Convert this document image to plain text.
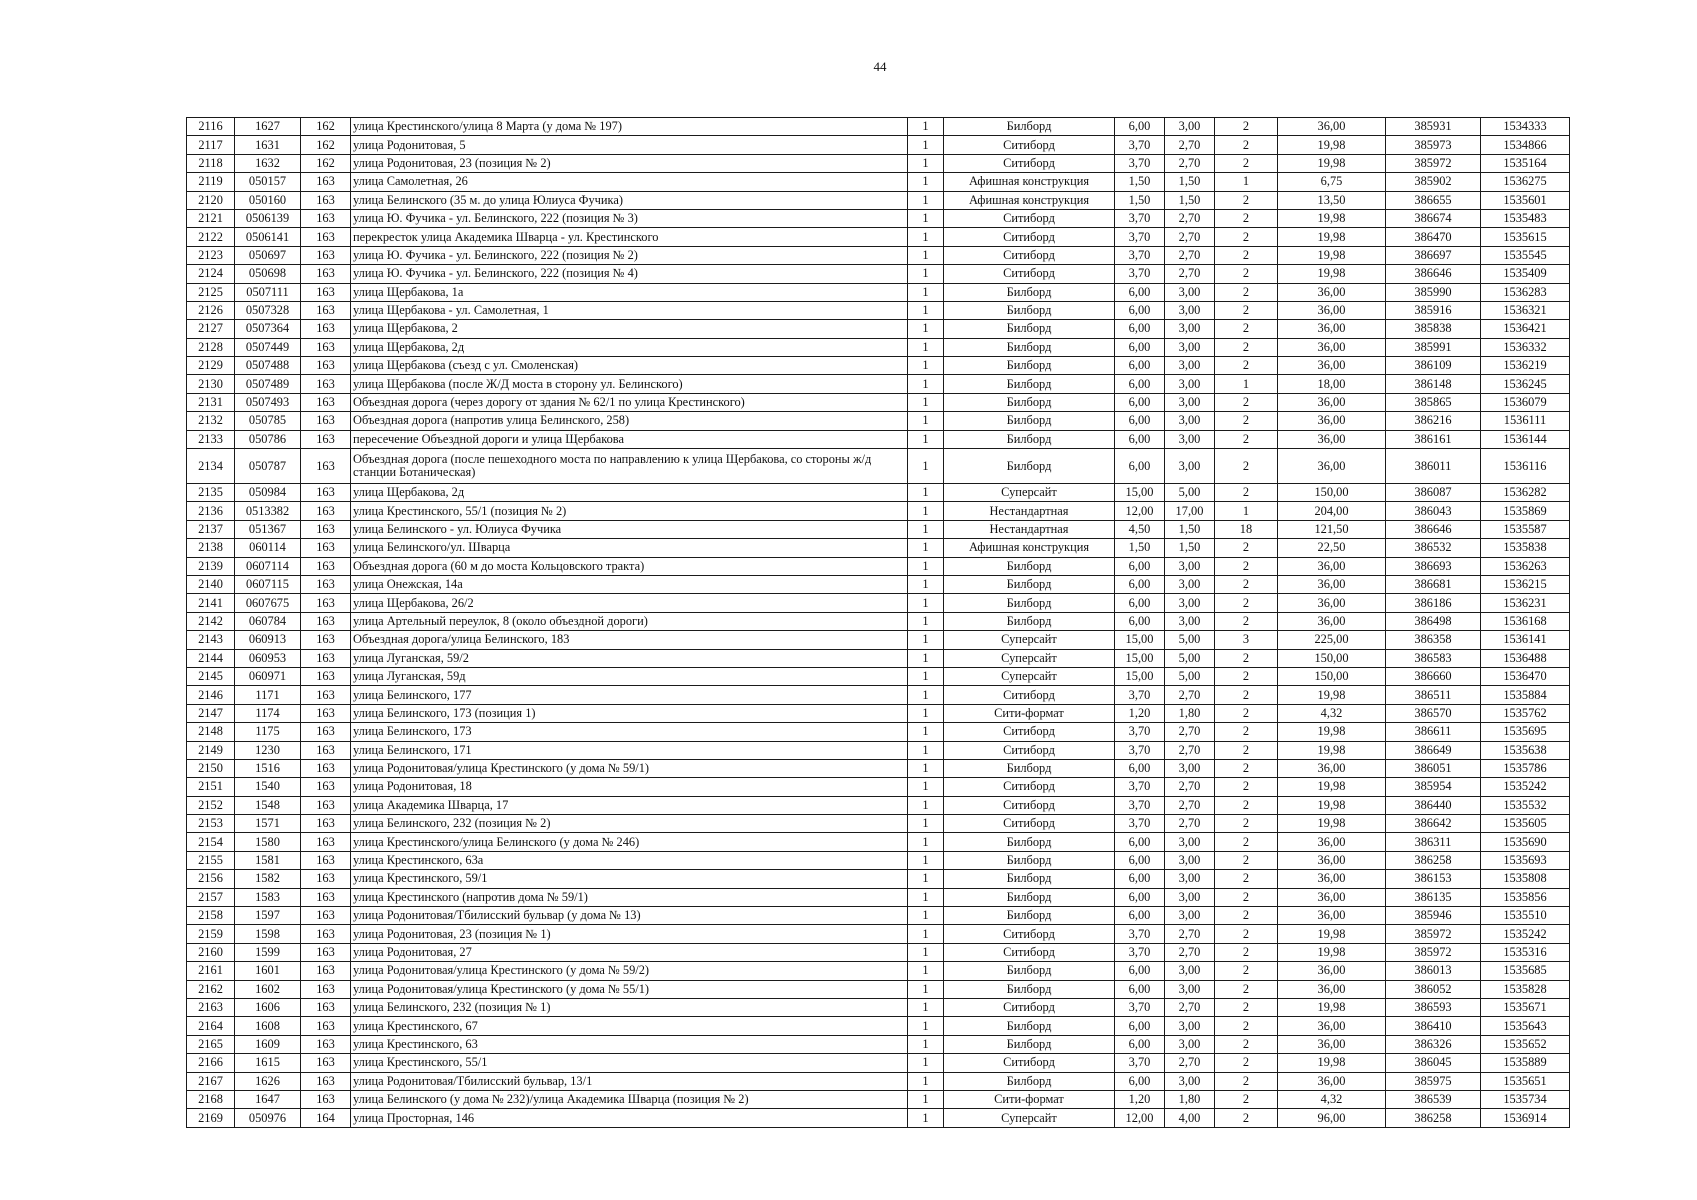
44
2116	1627	162	улица Крестинского/улица 8 Марта (у дома № 197)	1	Билборд	6,00	3,00	2	36,00	385931	1534333
2117	1631	162	улица Родонитовая, 5	1	Ситиборд	3,70	2,70	2	19,98	385973	1534866
2118	1632	162	улица Родонитовая, 23 (позиция № 2)	1	Ситиборд	3,70	2,70	2	19,98	385972	1535164
2119	050157	163	улица Самолетная, 26	1	Афишная конструкция	1,50	1,50	1	6,75	385902	1536275
2120	050160	163	улица Белинского (35 м. до улица Юлиуса Фучика)	1	Афишная конструкция	1,50	1,50	2	13,50	386655	1535601
2121	0506139	163	улица Ю. Фучика - ул. Белинского, 222 (позиция № 3)	1	Ситиборд	3,70	2,70	2	19,98	386674	1535483
2122	0506141	163	перекресток улица Академика Шварца - ул. Крестинского	1	Ситиборд	3,70	2,70	2	19,98	386470	1535615
2123	050697	163	улица Ю. Фучика - ул. Белинского, 222 (позиция № 2)	1	Ситиборд	3,70	2,70	2	19,98	386697	1535545
2124	050698	163	улица Ю. Фучика - ул. Белинского, 222 (позиция № 4)	1	Ситиборд	3,70	2,70	2	19,98	386646	1535409
2125	0507111	163	улица Щербакова, 1а	1	Билборд	6,00	3,00	2	36,00	385990	1536283
2126	0507328	163	улица Щербакова - ул. Самолетная, 1	1	Билборд	6,00	3,00	2	36,00	385916	1536321
2127	0507364	163	улица Щербакова, 2	1	Билборд	6,00	3,00	2	36,00	385838	1536421
2128	0507449	163	улица Щербакова, 2д	1	Билборд	6,00	3,00	2	36,00	385991	1536332
2129	0507488	163	улица Щербакова (съезд с ул. Смоленская)	1	Билборд	6,00	3,00	2	36,00	386109	1536219
2130	0507489	163	улица Щербакова (после Ж/Д моста в сторону ул. Белинского)	1	Билборд	6,00	3,00	1	18,00	386148	1536245
2131	0507493	163	Объездная дорога (через дорогу от здания № 62/1 по улица Крестинского)	1	Билборд	6,00	3,00	2	36,00	385865	1536079
2132	050785	163	Объездная дорога (напротив улица Белинского, 258)	1	Билборд	6,00	3,00	2	36,00	386216	1536111
2133	050786	163	пересечение Объездной дороги и улица Щербакова	1	Билборд	6,00	3,00	2	36,00	386161	1536144
2134	050787	163	Объездная дорога (после пешеходного моста по направлению к улица Щербакова, со стороны ж/д станции Ботаническая)	1	Билборд	6,00	3,00	2	36,00	386011	1536116
2135	050984	163	улица Щербакова, 2д	1	Суперсайт	15,00	5,00	2	150,00	386087	1536282
2136	0513382	163	улица Крестинского, 55/1 (позиция № 2)	1	Нестандартная	12,00	17,00	1	204,00	386043	1535869
2137	051367	163	улица Белинского - ул. Юлиуса Фучика	1	Нестандартная	4,50	1,50	18	121,50	386646	1535587
2138	060114	163	улица Белинского/ул. Шварца	1	Афишная конструкция	1,50	1,50	2	22,50	386532	1535838
2139	0607114	163	Объездная дорога (60 м до моста Кольцовского тракта)	1	Билборд	6,00	3,00	2	36,00	386693	1536263
2140	0607115	163	улица Онежская, 14а	1	Билборд	6,00	3,00	2	36,00	386681	1536215
2141	0607675	163	улица Щербакова, 26/2	1	Билборд	6,00	3,00	2	36,00	386186	1536231
2142	060784	163	улица Артельный переулок, 8 (около объездной дороги)	1	Билборд	6,00	3,00	2	36,00	386498	1536168
2143	060913	163	Объездная дорога/улица Белинского, 183	1	Суперсайт	15,00	5,00	3	225,00	386358	1536141
2144	060953	163	улица Луганская, 59/2	1	Суперсайт	15,00	5,00	2	150,00	386583	1536488
2145	060971	163	улица Луганская, 59д	1	Суперсайт	15,00	5,00	2	150,00	386660	1536470
2146	1171	163	улица Белинского, 177	1	Ситиборд	3,70	2,70	2	19,98	386511	1535884
2147	1174	163	улица Белинского, 173 (позиция 1)	1	Сити-формат	1,20	1,80	2	4,32	386570	1535762
2148	1175	163	улица Белинского, 173	1	Ситиборд	3,70	2,70	2	19,98	386611	1535695
2149	1230	163	улица Белинского, 171	1	Ситиборд	3,70	2,70	2	19,98	386649	1535638
2150	1516	163	улица Родонитовая/улица Крестинского (у дома № 59/1)	1	Билборд	6,00	3,00	2	36,00	386051	1535786
2151	1540	163	улица Родонитовая, 18	1	Ситиборд	3,70	2,70	2	19,98	385954	1535242
2152	1548	163	улица Академика Шварца, 17	1	Ситиборд	3,70	2,70	2	19,98	386440	1535532
2153	1571	163	улица Белинского, 232 (позиция № 2)	1	Ситиборд	3,70	2,70	2	19,98	386642	1535605
2154	1580	163	улица Крестинского/улица Белинского (у дома № 246)	1	Билборд	6,00	3,00	2	36,00	386311	1535690
2155	1581	163	улица Крестинского, 63а	1	Билборд	6,00	3,00	2	36,00	386258	1535693
2156	1582	163	улица Крестинского, 59/1	1	Билборд	6,00	3,00	2	36,00	386153	1535808
2157	1583	163	улица Крестинского (напротив дома № 59/1)	1	Билборд	6,00	3,00	2	36,00	386135	1535856
2158	1597	163	улица Родонитовая/Тбилисский бульвар (у дома № 13)	1	Билборд	6,00	3,00	2	36,00	385946	1535510
2159	1598	163	улица Родонитовая, 23 (позиция № 1)	1	Ситиборд	3,70	2,70	2	19,98	385972	1535242
2160	1599	163	улица Родонитовая, 27	1	Ситиборд	3,70	2,70	2	19,98	385972	1535316
2161	1601	163	улица Родонитовая/улица Крестинского (у дома № 59/2)	1	Билборд	6,00	3,00	2	36,00	386013	1535685
2162	1602	163	улица Родонитовая/улица Крестинского (у дома № 55/1)	1	Билборд	6,00	3,00	2	36,00	386052	1535828
2163	1606	163	улица Белинского, 232 (позиция № 1)	1	Ситиборд	3,70	2,70	2	19,98	386593	1535671
2164	1608	163	улица Крестинского, 67	1	Билборд	6,00	3,00	2	36,00	386410	1535643
2165	1609	163	улица Крестинского, 63	1	Билборд	6,00	3,00	2	36,00	386326	1535652
2166	1615	163	улица Крестинского, 55/1	1	Ситиборд	3,70	2,70	2	19,98	386045	1535889
2167	1626	163	улица Родонитовая/Тбилисский бульвар, 13/1	1	Билборд	6,00	3,00	2	36,00	385975	1535651
2168	1647	163	улица Белинского (у дома № 232)/улица Академика Шварца (позиция № 2)	1	Сити-формат	1,20	1,80	2	4,32	386539	1535734
2169	050976	164	улица Просторная, 146	1	Суперсайт	12,00	4,00	2	96,00	386258	1536914
